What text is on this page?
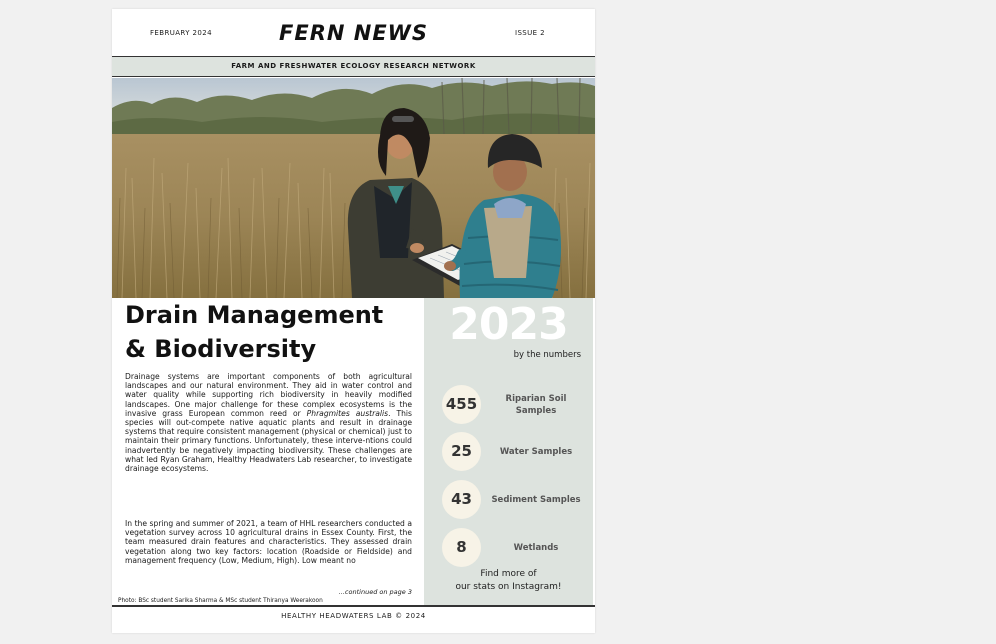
FEBRUARY 2024	FERN NEWS	ISSUE 2
FARM AND FRESHWATER ECOLOGY RESEARCH NETWORK
Drain Management
& Biodiversity

Drainage systems are important components of both agricultural landscapes and our natural environment. They aid in water control and water quality while supporting rich biodiversity in heavily modified landscapes. One major challenge for these complex ecosystems is the invasive grass European common reed or Phragmites australis. This species will out-compete native aquatic plants and result in drainage systems that require consistent management (physical or chemical) just to maintain their primary functions. Unfortunately, these interve-ntions could inadvertently be negatively impacting biodiversity. These challenges are what led Ryan Graham, Healthy Headwaters Lab researcher, to investigate drainage ecosystems.

In the spring and summer of 2021, a team of HHL researchers conducted a vegetation survey across 10 agricultural drains in Essex County. First, the team measured drain features and characteristics. They assessed drain vegetation along two key factors: location (Roadside or Fieldside) and management frequency (Low, Medium, High). Low meant no

...continued on page 3
Photo: BSc student Sarika Sharma & MSc student Thiranya Weerakoon
2023
by the numbers
455	Riparian Soil Samples
25	Water Samples
43	Sediment Samples
8	Wetlands
Find more of
our stats on Instagram!
HEALTHY HEADWATERS LAB © 2024
